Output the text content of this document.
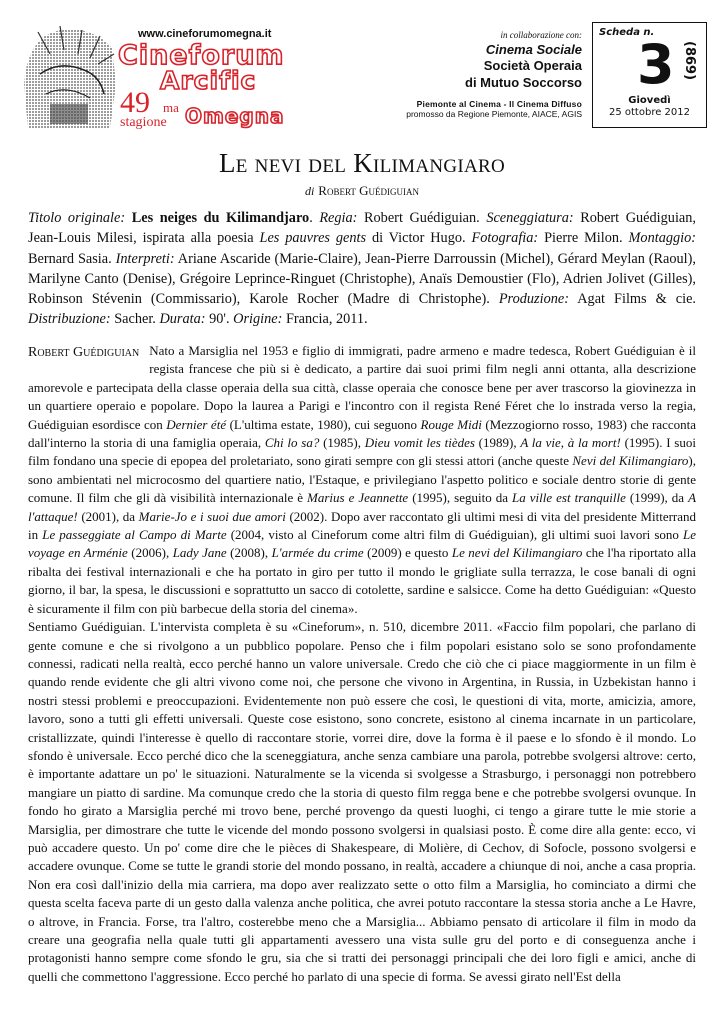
www.cineforumomegna.it
Cineforum
Arcific
49 ma
stagione Omegna
in collaborazione con:
Cinema Sociale
Società Operaia
di Mutuo Soccorso
Piemonte al Cinema - Il Cinema Diffuso
promosso da Regione Piemonte, AIACE, AGIS
Scheda n.
3 (869)
Giovedì
25 ottobre 2012
Le nevi del Kilimangiaro
di Robert Guédiguian
Titolo originale: Les neiges du Kilimandjaro. Regia: Robert Guédiguian. Sceneggiatura: Robert Guédiguian, Jean-Louis Milesi, ispirata alla poesia Les pauvres gents di Victor Hugo. Fotografia: Pierre Milon. Montaggio: Bernard Sasia. Interpreti: Ariane Ascaride (Marie-Claire), Jean-Pierre Darroussin (Michel), Gérard Meylan (Raoul), Marilyne Canto (Denise), Grégoire Leprince-Ringuet (Christophe), Anaïs Demoustier (Flo), Adrien Jolivet (Gilles), Robinson Stévenin (Commissario), Karole Rocher (Madre di Christophe). Produzione: Agat Films & cie. Distribuzione: Sacher. Durata: 90'. Origine: Francia, 2011.
Robert Guédiguian Nato a Marsiglia nel 1953 e figlio di immigrati, padre armeno e madre tedesca, Robert Guédiguian è il regista francese che più si è dedicato, a partire dai suoi primi film negli anni ottanta, alla descrizione amorevole e partecipata della classe operaia della sua città, classe operaia che conosce bene per aver trascorso la giovinezza in un quartiere operaio e popolare. Dopo la laurea a Parigi e l'incontro con il regista René Féret che lo instrada verso la regia, Guédiguian esordisce con Dernier été (L'ultima estate, 1980), cui seguono Rouge Midi (Mezzogiorno rosso, 1983) che racconta dall'interno la storia di una famiglia operaia, Chi lo sa? (1985), Dieu vomit les tièdes (1989), A la vie, à la mort! (1995). I suoi film fondano una specie di epopea del proletariato, sono girati sempre con gli stessi attori (anche queste Nevi del Kilimangiaro), sono ambientati nel microcosmo del quartiere natio, l'Estaque, e privilegiano l'aspetto politico e sociale dentro storie di gente comune. Il film che gli dà visibilità internazionale è Marius e Jeannette (1995), seguito da La ville est tranquille (1999), da A l'attaque! (2001), da Marie-Jo e i suoi due amori (2002). Dopo aver raccontato gli ultimi mesi di vita del presidente Mitterrand in Le passeggiate al Campo di Marte (2004, visto al Cineforum come altri film di Guédiguian), gli ultimi suoi lavori sono Le voyage en Arménie (2006), Lady Jane (2008), L'armée du crime (2009) e questo Le nevi del Kilimangiaro che l'ha riportato alla ribalta dei festival internazionali e che ha portato in giro per tutto il mondo le grigliate sulla terrazza, le cose banali di ogni giorno, il bar, la spesa, le discussioni e soprattutto un sacco di cotolette, sardine e salsicce. Come ha detto Guédiguian: «Questo è sicuramente il film con più barbecue della storia del cinema».

Sentiamo Guédiguian. L'intervista completa è su «Cineforum», n. 510, dicembre 2011. «Faccio film popolari, che parlano di gente comune e che si rivolgono a un pubblico popolare. Penso che i film popolari esistano solo se sono profondamente connessi, radicati nella realtà, ecco perché hanno un valore universale. Credo che ciò che ci piace maggiormente in un film è quando rende evidente che gli altri vivono come noi, che persone che vivono in Argentina, in Russia, in Uzbekistan hanno i nostri stessi problemi e preoccupazioni. Evidentemente non può essere che così, le questioni di vita, morte, amicizia, amore, lavoro, sono a tutti gli effetti universali. Queste cose esistono, sono concrete, esistono al cinema incarnate in un particolare, cristallizzate, quindi l'interesse è quello di raccontare storie, vorrei dire, dove la forma è il paese e lo sfondo è il mondo. Lo sfondo è universale. Ecco perché dico che la sceneggiatura, anche senza cambiare una parola, potrebbe svolgersi altrove: certo, è importante adattare un po' le situazioni. Naturalmente se la vicenda si svolgesse a Strasburgo, i personaggi non potrebbero mangiare un piatto di sardine. Ma comunque credo che la storia di questo film regga bene e che potrebbe svolgersi ovunque. In fondo ho girato a Marsiglia perché mi trovo bene, perché provengo da questi luoghi, ci tengo a girare tutte le mie storie a Marsiglia, per dimostrare che tutte le vicende del mondo possono svolgersi in qualsiasi posto. È come dire alla gente: ecco, vi può accadere questo. Un po' come dire che le pièces di Shakespeare, di Molière, di Cechov, di Sofocle, possono svolgersi e accadere ovunque. Come se tutte le grandi storie del mondo possano, in realtà, accadere a chiunque di noi, anche a casa propria. Non era così dall'inizio della mia carriera, ma dopo aver realizzato sette o otto film a Marsiglia, ho cominciato a dirmi che questa scelta faceva parte di un gesto dalla valenza anche politica, che avrei potuto raccontare la stessa storia anche a Le Havre, o altrove, in Francia. Forse, tra l'altro, costerebbe meno che a Marsiglia... Abbiamo pensato di articolare il film in modo da creare una geografia nella quale tutti gli appartamenti avessero una vista sulle gru del porto e di conseguenza anche i protagonisti hanno sempre come sfondo le gru, sia che si tratti dei personaggi principali che dei loro figli e amici, anche di quelli che commettono l'aggressione. Ecco perché ho parlato di una specie di forma. Se avessi girato nell'Est della
